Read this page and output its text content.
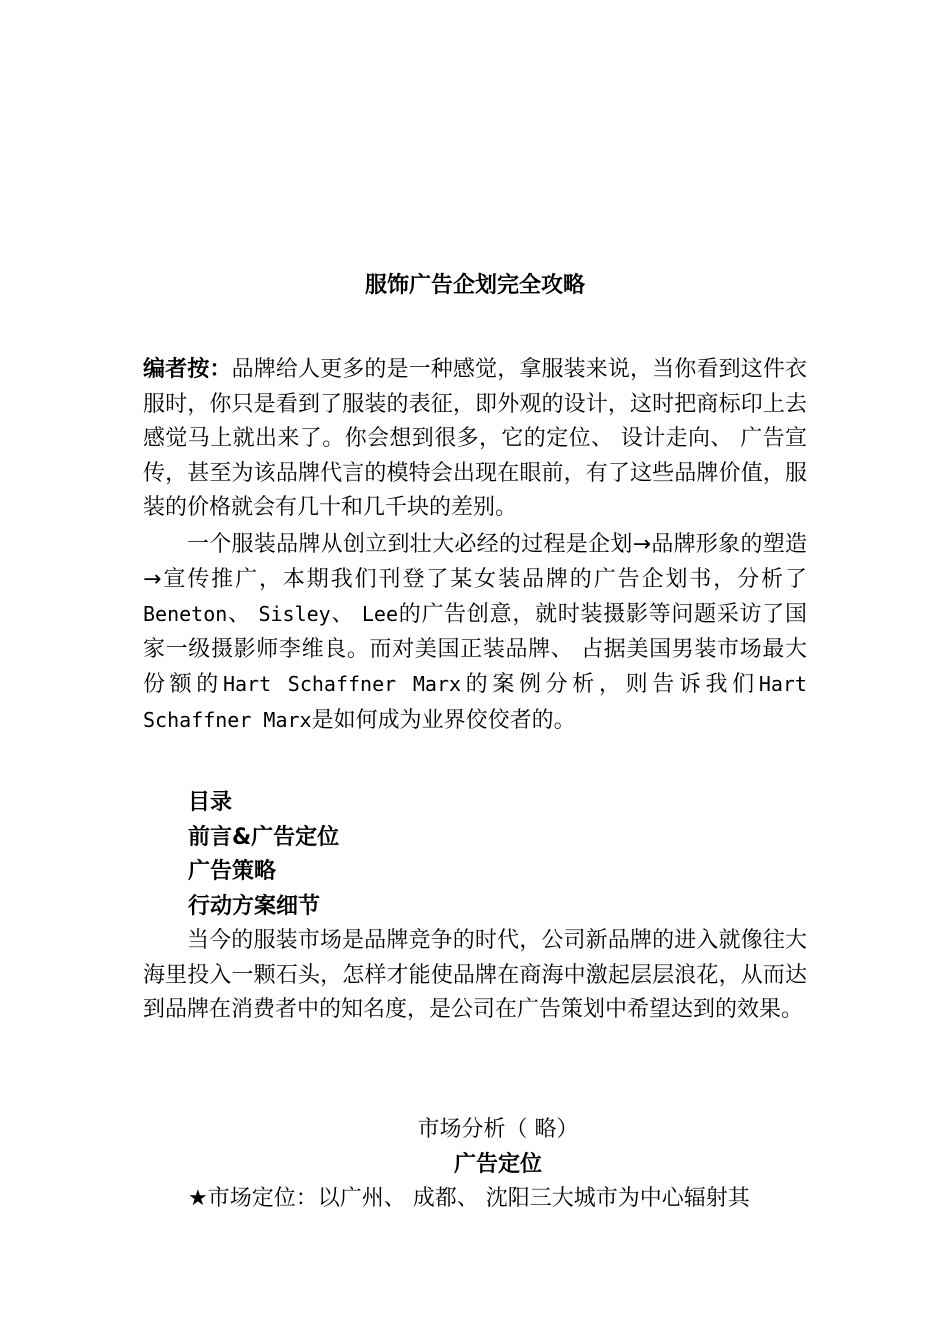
服饰广告企划完全攻略
编者按：品牌给人更多的是一种感觉，拿服装来说，当你看到这件衣服时，你只是看到了服装的表征，即外观的设计，这时把商标印上去感觉马上就出来了。你会想到很多，它的定位、 设计走向、 广告宣传，甚至为该品牌代言的模特会出现在眼前，有了这些品牌价值，服装的价格就会有几十和几千块的差别。
一个服装品牌从创立到壮大必经的过程是企划→品牌形象的塑造→宣传推广，本期我们刊登了某女装品牌的广告企划书，分析了Beneton、 Sisley、 Lee的广告创意，就时装摄影等问题采访了国家一级摄影师李维良。而对美国正装品牌、 占据美国男装市场最大份额的Hart Schaffner Marx的案例分析，则告诉我们Hart Schaffner Marx是如何成为业界佼佼者的。
目录
前言&广告定位
广告策略
行动方案细节
当今的服装市场是品牌竞争的时代，公司新品牌的进入就像往大海里投入一颗石头，怎样才能使品牌在商海中激起层层浪花，从而达到品牌在消费者中的知名度，是公司在广告策划中希望达到的效果。
市场分析（ 略）
广告定位
★市场定位：以广州、 成都、 沈阳三大城市为中心辐射其
